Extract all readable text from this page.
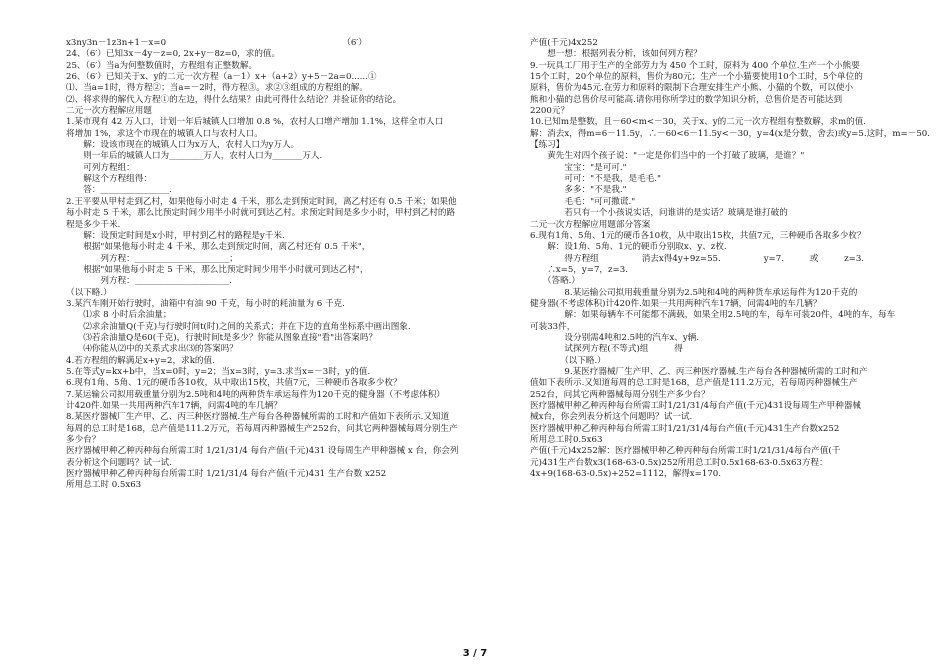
x3ny3n－1z3n+1－x=0　　　　　　　　　　　　　　　　　　　　　（6′）

24、（6′）已知3x－4y－z=0, 2x+y－8z=0，求的值。

25、（6′）当a为何整数值时，方程组有正整数解。

26、（6′）已知关于x、y的二元一次方程（a－1）x+（a+2）y+5－2a=0......①

⑴、当a=1时，得方程②；当a=－2时，得方程③。求②③组成的方程组的解。

⑵、将求得的解代入方程①的左边，得什么结果？由此可得什么结论？并验证你的结论。

二元一次方程解应用题

1.某市现有 42 万人口，计划一年后城镇人口增加 0.8 %，农村人口增产增加 1.1%，这样全市人口

将增加 1%，求这个市现在的城镇人口与农村人口。

　　解：设该市现在的城镇人口为x万人，农村人口为y万人。

　　则一年后的城镇人口为________万人，农村人口为_______万人.

　　可列方程组：

　　解这个方程组得：

　　答：________________.

2.王平要从甲村走到乙村，如果他每小时走 4 千米，那么走到预定时间，离乙村还有 0.5 千米；如果他

每小时走 5 千米，那么比预定时间少用半小时就可到达乙村。求预定时间是多少小时，甲村到乙村的路

程是多少千米.

　　解：设预定时间是x小时，甲村到乙村的路程是y千米.

　　根据"如果他每小时走 4 千米，那么走到预定时间，离乙村还有 0.5 千米"，

　　　　列方程：______________________；

　　根据"如果他每小时走 5 千米，那么比预定时间少用半小时就可到达乙村"，

　　　　列方程：______________________.

（以下略.）

3.某汽车刚开始行驶时，油箱中有油 90 千克，每小时的耗油量为 6 千克.

　　⑴求 8 小时后余油量；

　　⑵求余油量Q(千克)与行驶时间t(时)之间的关系式；并在下边的直角坐标系中画出图象.

　　⑶若余油量Q是60(千克)，行驶时间t是多少？你能从图象直接"看"出答案吗？

　　⑷你能从⑵中的关系式求出⑶的答案吗？

4.若方程组的解满足x+y=2，求k的值.

5.在等式y=kx+b中，当x=0时，y=2；当x=3时，y=3.求当x=－3时，y的值.

6.现有1角、5角、1元的硬币各10枚，从中取出15枚，共值7元，三种硬币各取多少枚？

7.某运输公司拟用载重量分别为2.5吨和4吨的两种货车承运每件为120千克的健身器（不考虑体积）

计420件.如果一共用两种汽车17辆，问需4吨的车几辆？

8.某医疗器械厂生产甲、乙、丙三种医疗器械.生产每台各种器械所需的工时和产值如下表所示.又知道

每周的总工时是168，总产值是111.2万元，若每周丙种器械生产252台，问其它两种器械每周分别生产

多少台？

医疗器械甲种乙种丙种每台所需工时 1/21/31/4 每台产值(千元)431 设每周生产甲种器械 x 台，你会列

表分析这个问题吗？试一试.

医疗器械甲种乙种丙种每台所需工时 1/21/31/4 每台产值(千元)431 生产台数 x252

所用总工时 0.5x63

产值(千元)4x252

　　想一想：根据列表分析，该如何列方程？

9.一玩具工厂用于生产的全部劳力为 450 个工时，原料为 400 个单位.生产一个小熊要

15个工时，20个单位的原料，售价为80元；生产一个小猫要使用10个工时，5个单位的

原料，售价为45元.在劳力和原料的限制下合理安排生产小熊、小猫的个数，可以使小

熊和小猫的总售价尽可能高.请你用你所学过的数学知识分析，总售价是否可能达到

2200元？

10.已知m是整数，且－60<m<－30，关于x、y的二元一次方程组有整数解，求m的值.

解：消去x，得m=6－11.5y，∴－60<6－11.5y<－30，y=4(x是分数，舍去)或y=5.这时，m=－50.

【练习】

　　黄先生对四个孩子说："一定是你们当中的一个打破了玻璃，是谁？"

　　　　宝宝："是可可."

　　　　可可："不是我，是毛毛."

　　　　多多："不是我."

　　　　毛毛："可可撒谎."

　　　　若只有一个小孩说实话，问谁讲的是实话？玻璃是谁打破的

二元一次方程解应用题部分答案

6.现有1角、5角、1元的硬币各10枚，从中取出15枚，共值7元，三种硬币各取多少枚？

　　解：设1角、5角、1元的硬币分别取x、y、z枚.

　　　　得方程组　　　　　消去x得4y+9z=55.　　　　　y=7.　　　或　　　z=3.

　　∴x=5，y=7，z=3.

　　（答略.）

　　　　8.某运输公司拟用载重量分别为2.5吨和4吨的两种货车承运每件为120千克的

健身器(不考虑体积)计420件.如果一共用两种汽车17辆，问需4吨的车几辆？

　　　　解：如果每辆车不可能都不满载，如果全用2.5吨的车，每车可装20件，4吨的车，每车

可装33件，

　　　　设分别需4吨和2.5吨的汽车x、y辆.

　　　　试探列方程(不等式)组　　　得

　　　　（以下略.）

　　　　9.某医疗器械厂生产甲、乙、丙三种医疗器械.生产每台各种器械所需的工时和产

值如下表所示.又知道每周的总工时是168，总产值是111.2万元，若每周丙种器械生产

252台，问其它两种器械每周分别生产多少台？

医疗器械甲种乙种丙种每台所需工时1/21/31/4每台产值(千元)431设每周生产甲种器械

械x台，你会列表分析这个问题吗？试一试.

医疗器械甲种乙种丙种每台所需工时1/21/31/4每台产值(千元)431生产台数x252

所用总工时0.5x63

产值(千元)4x252解：医疗器械甲种乙种丙种每台所需工时1/21/31/4每台产值(千

元)431生产台数x3(168-63-0.5x)252所用总工时0.5x168-63-0.5x63方程：

4x+9(168-63-0.5x)+252=1112，解得x=170.

3 / 7
